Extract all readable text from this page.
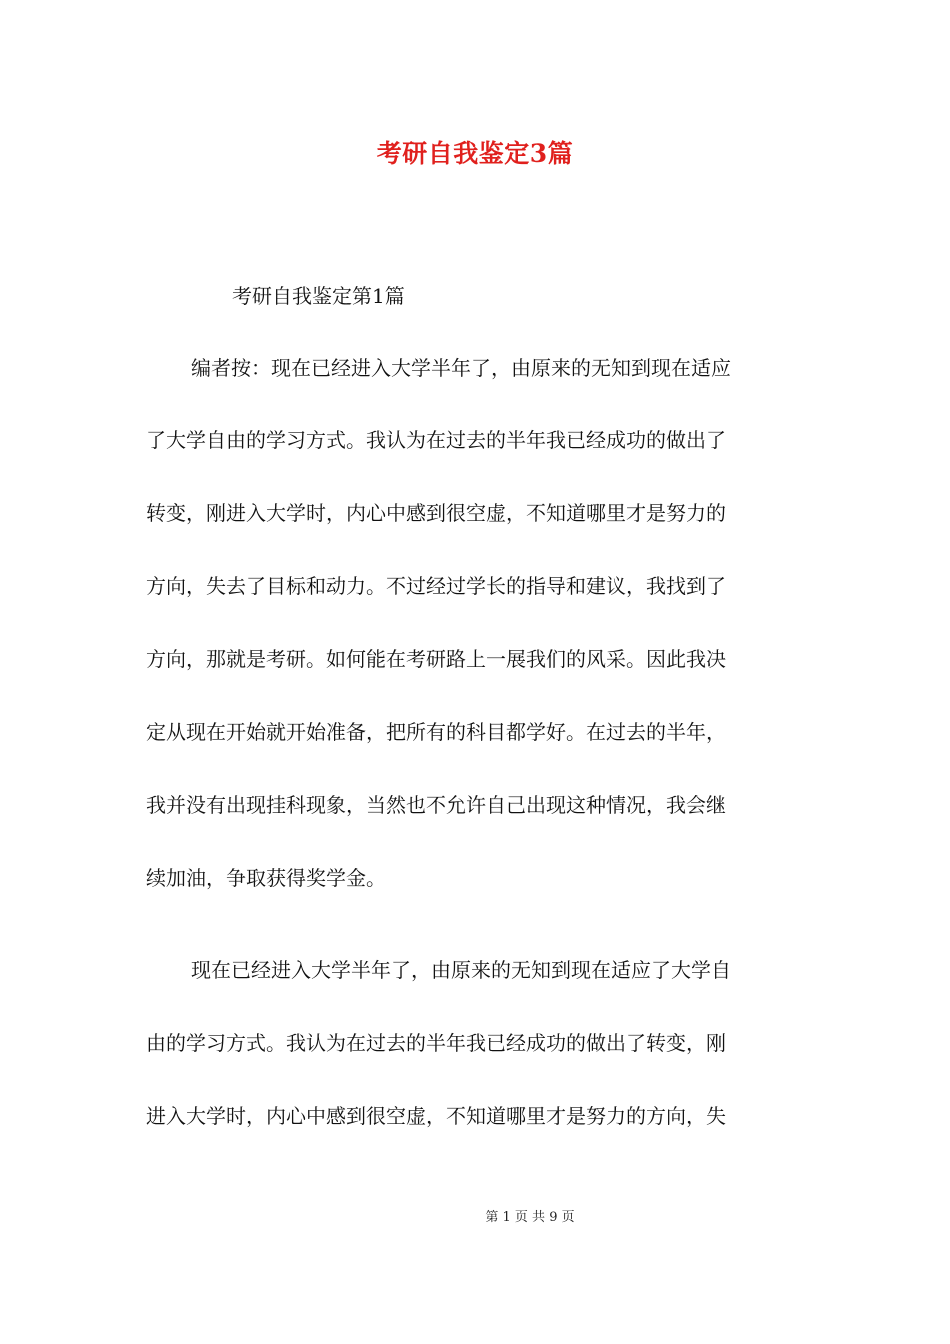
考研自我鉴定3篇
考研自我鉴定第1篇
编者按：现在已经进入大学半年了，由原来的无知到现在适应
了大学自由的学习方式。我认为在过去的半年我已经成功的做出了
转变，刚进入大学时，内心中感到很空虚，不知道哪里才是努力的
方向，失去了目标和动力。不过经过学长的指导和建议，我找到了
方向，那就是考研。如何能在考研路上一展我们的风采。因此我决
定从现在开始就开始准备，把所有的科目都学好。在过去的半年，
我并没有出现挂科现象，当然也不允许自己出现这种情况，我会继
续加油，争取获得奖学金。
现在已经进入大学半年了，由原来的无知到现在适应了大学自
由的学习方式。我认为在过去的半年我已经成功的做出了转变，刚
进入大学时，内心中感到很空虚，不知道哪里才是努力的方向，失
第 1 页 共 9 页
